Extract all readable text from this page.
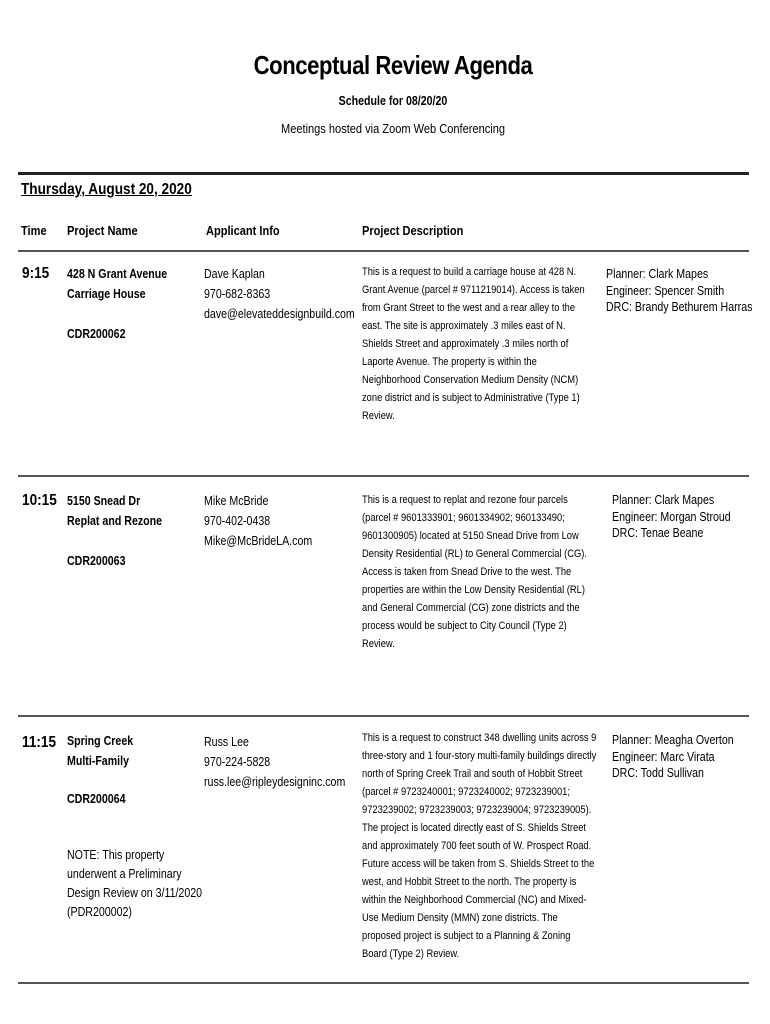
Conceptual Review Agenda
Schedule for 08/20/20
Meetings hosted via Zoom Web Conferencing
Thursday, August 20, 2020
Time Project Name	Applicant Info	Project Description
9:15 428 N Grant Avenue
Carriage House
CDR200062
Dave Kaplan
970-682-8363
dave@elevateddesignbuild.com
This is a request to build a carriage house at 428 N. Grant Avenue (parcel # 9711219014). Access is taken from Grant Street to the west and a rear alley to the east. The site is approximately .3 miles east of N. Shields Street and approximately .3 miles north of Laporte Avenue. The property is within the Neighborhood Conservation Medium Density (NCM) zone district and is subject to Administrative (Type 1) Review.
Planner: Clark Mapes
Engineer: Spencer Smith
DRC: Brandy Bethurem Harras
10:15 5150 Snead Dr
Replat and Rezone
CDR200063
Mike McBride
970-402-0438
Mike@McBrideLA.com
This is a request to replat and rezone four parcels (parcel # 9601333901; 9601334902; 960133490; 9601300905) located at 5150 Snead Drive from Low Density Residential (RL) to General Commercial (CG). Access is taken from Snead Drive to the west. The properties are within the Low Density Residential (RL) and General Commercial (CG) zone districts and the process would be subject to City Council (Type 2) Review.
Planner: Clark Mapes
Engineer: Morgan Stroud
DRC: Tenae Beane
11:15 Spring Creek
Multi-Family
CDR200064
NOTE: This property
underwent a Preliminary
Design Review on 3/11/2020
(PDR200002)
Russ Lee
970-224-5828
russ.lee@ripleydesigninc.com
This is a request to construct 348 dwelling units across 9 three-story and 1 four-story multi-family buildings directly north of Spring Creek Trail and south of Hobbit Street (parcel # 9723240001; 9723240002; 9723239001; 9723239002; 9723239003; 9723239004; 9723239005). The project is located directly east of S. Shields Street and approximately 700 feet south of W. Prospect Road. Future access will be taken from S. Shields Street to the west, and Hobbit Street to the north. The property is within the Neighborhood Commercial (NC) and Mixed-Use Medium Density (MMN) zone districts. The proposed project is subject to a Planning & Zoning Board (Type 2) Review.
Planner: Meagha Overton
Engineer: Marc Virata
DRC: Todd Sullivan
